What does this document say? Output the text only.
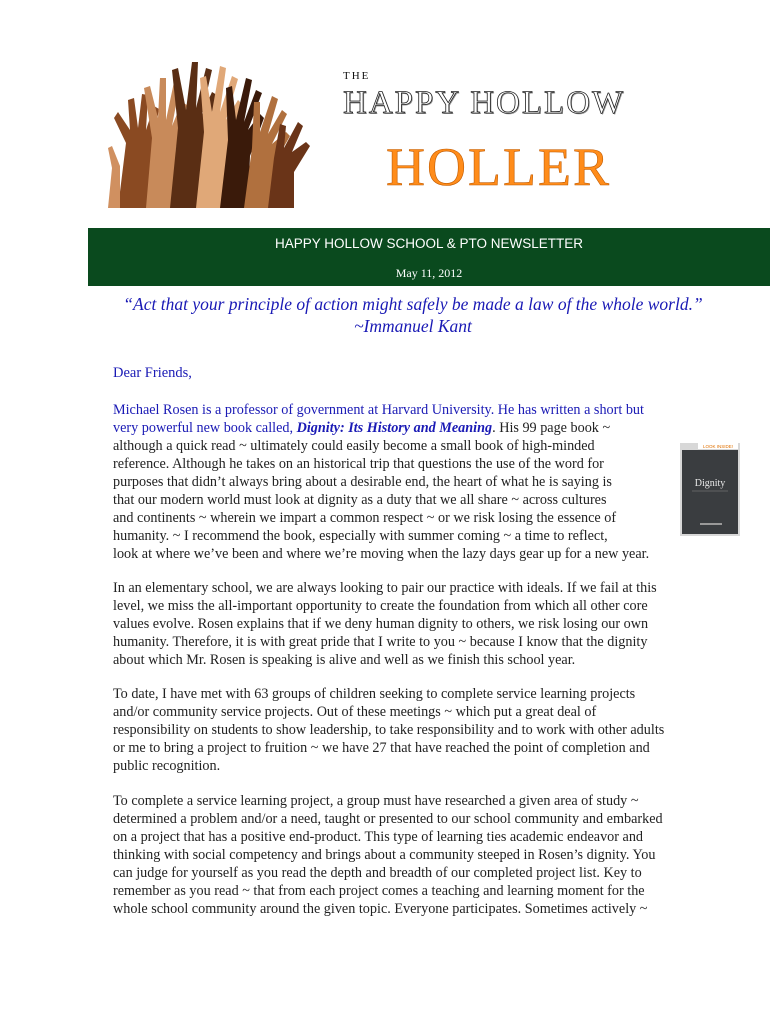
THE
HAPPY HOLLOW
HOLLER
HAPPY HOLLOW SCHOOL & PTO NEWSLETTER
May 11, 2012
“Act that your principle of action might safely be made a law of the whole world.”
~Immanuel Kant
Dear Friends,
Michael Rosen is a professor of government at Harvard University. He has written a short but
very powerful new book called, Dignity: Its History and Meaning. His 99 page book ~
although a quick read ~ ultimately could easily become a small book of high-minded
reference. Although he takes on an historical trip that questions the use of the word for
purposes that didn’t always bring about a desirable end, the heart of what he is saying is
that our modern world must look at dignity as a duty that we all share ~ across cultures
and continents ~ wherein we impart a common respect ~ or we risk losing the essence of
humanity. ~ I recommend the book, especially with summer coming ~ a time to reflect,
look at where we’ve been and where we’re moving when the lazy days gear up for a new year.
LOOK INSIDE!
Dignity
In an elementary school, we are always looking to pair our practice with ideals. If we fail at this
level, we miss the all-important opportunity to create the foundation from which all other core
values evolve. Rosen explains that if we deny human dignity to others, we risk losing our own
humanity. Therefore, it is with great pride that I write to you ~ because I know that the dignity
about which Mr. Rosen is speaking is alive and well as we finish this school year.
To date, I have met with 63 groups of children seeking to complete service learning projects
and/or community service projects. Out of these meetings ~ which put a great deal of
responsibility on students to show leadership, to take responsibility and to work with other adults
or me to bring a project to fruition ~ we have 27 that have reached the point of completion and
public recognition.
To complete a service learning project, a group must have researched a given area of study ~
determined a problem and/or a need, taught or presented to our school community and embarked
on a project that has a positive end-product. This type of learning ties academic endeavor and
thinking with social competency and brings about a community steeped in Rosen’s dignity. You
can judge for yourself as you read the depth and breadth of our completed project list. Key to
remember as you read ~ that from each project comes a teaching and learning moment for the
whole school community around the given topic. Everyone participates. Sometimes actively ~
